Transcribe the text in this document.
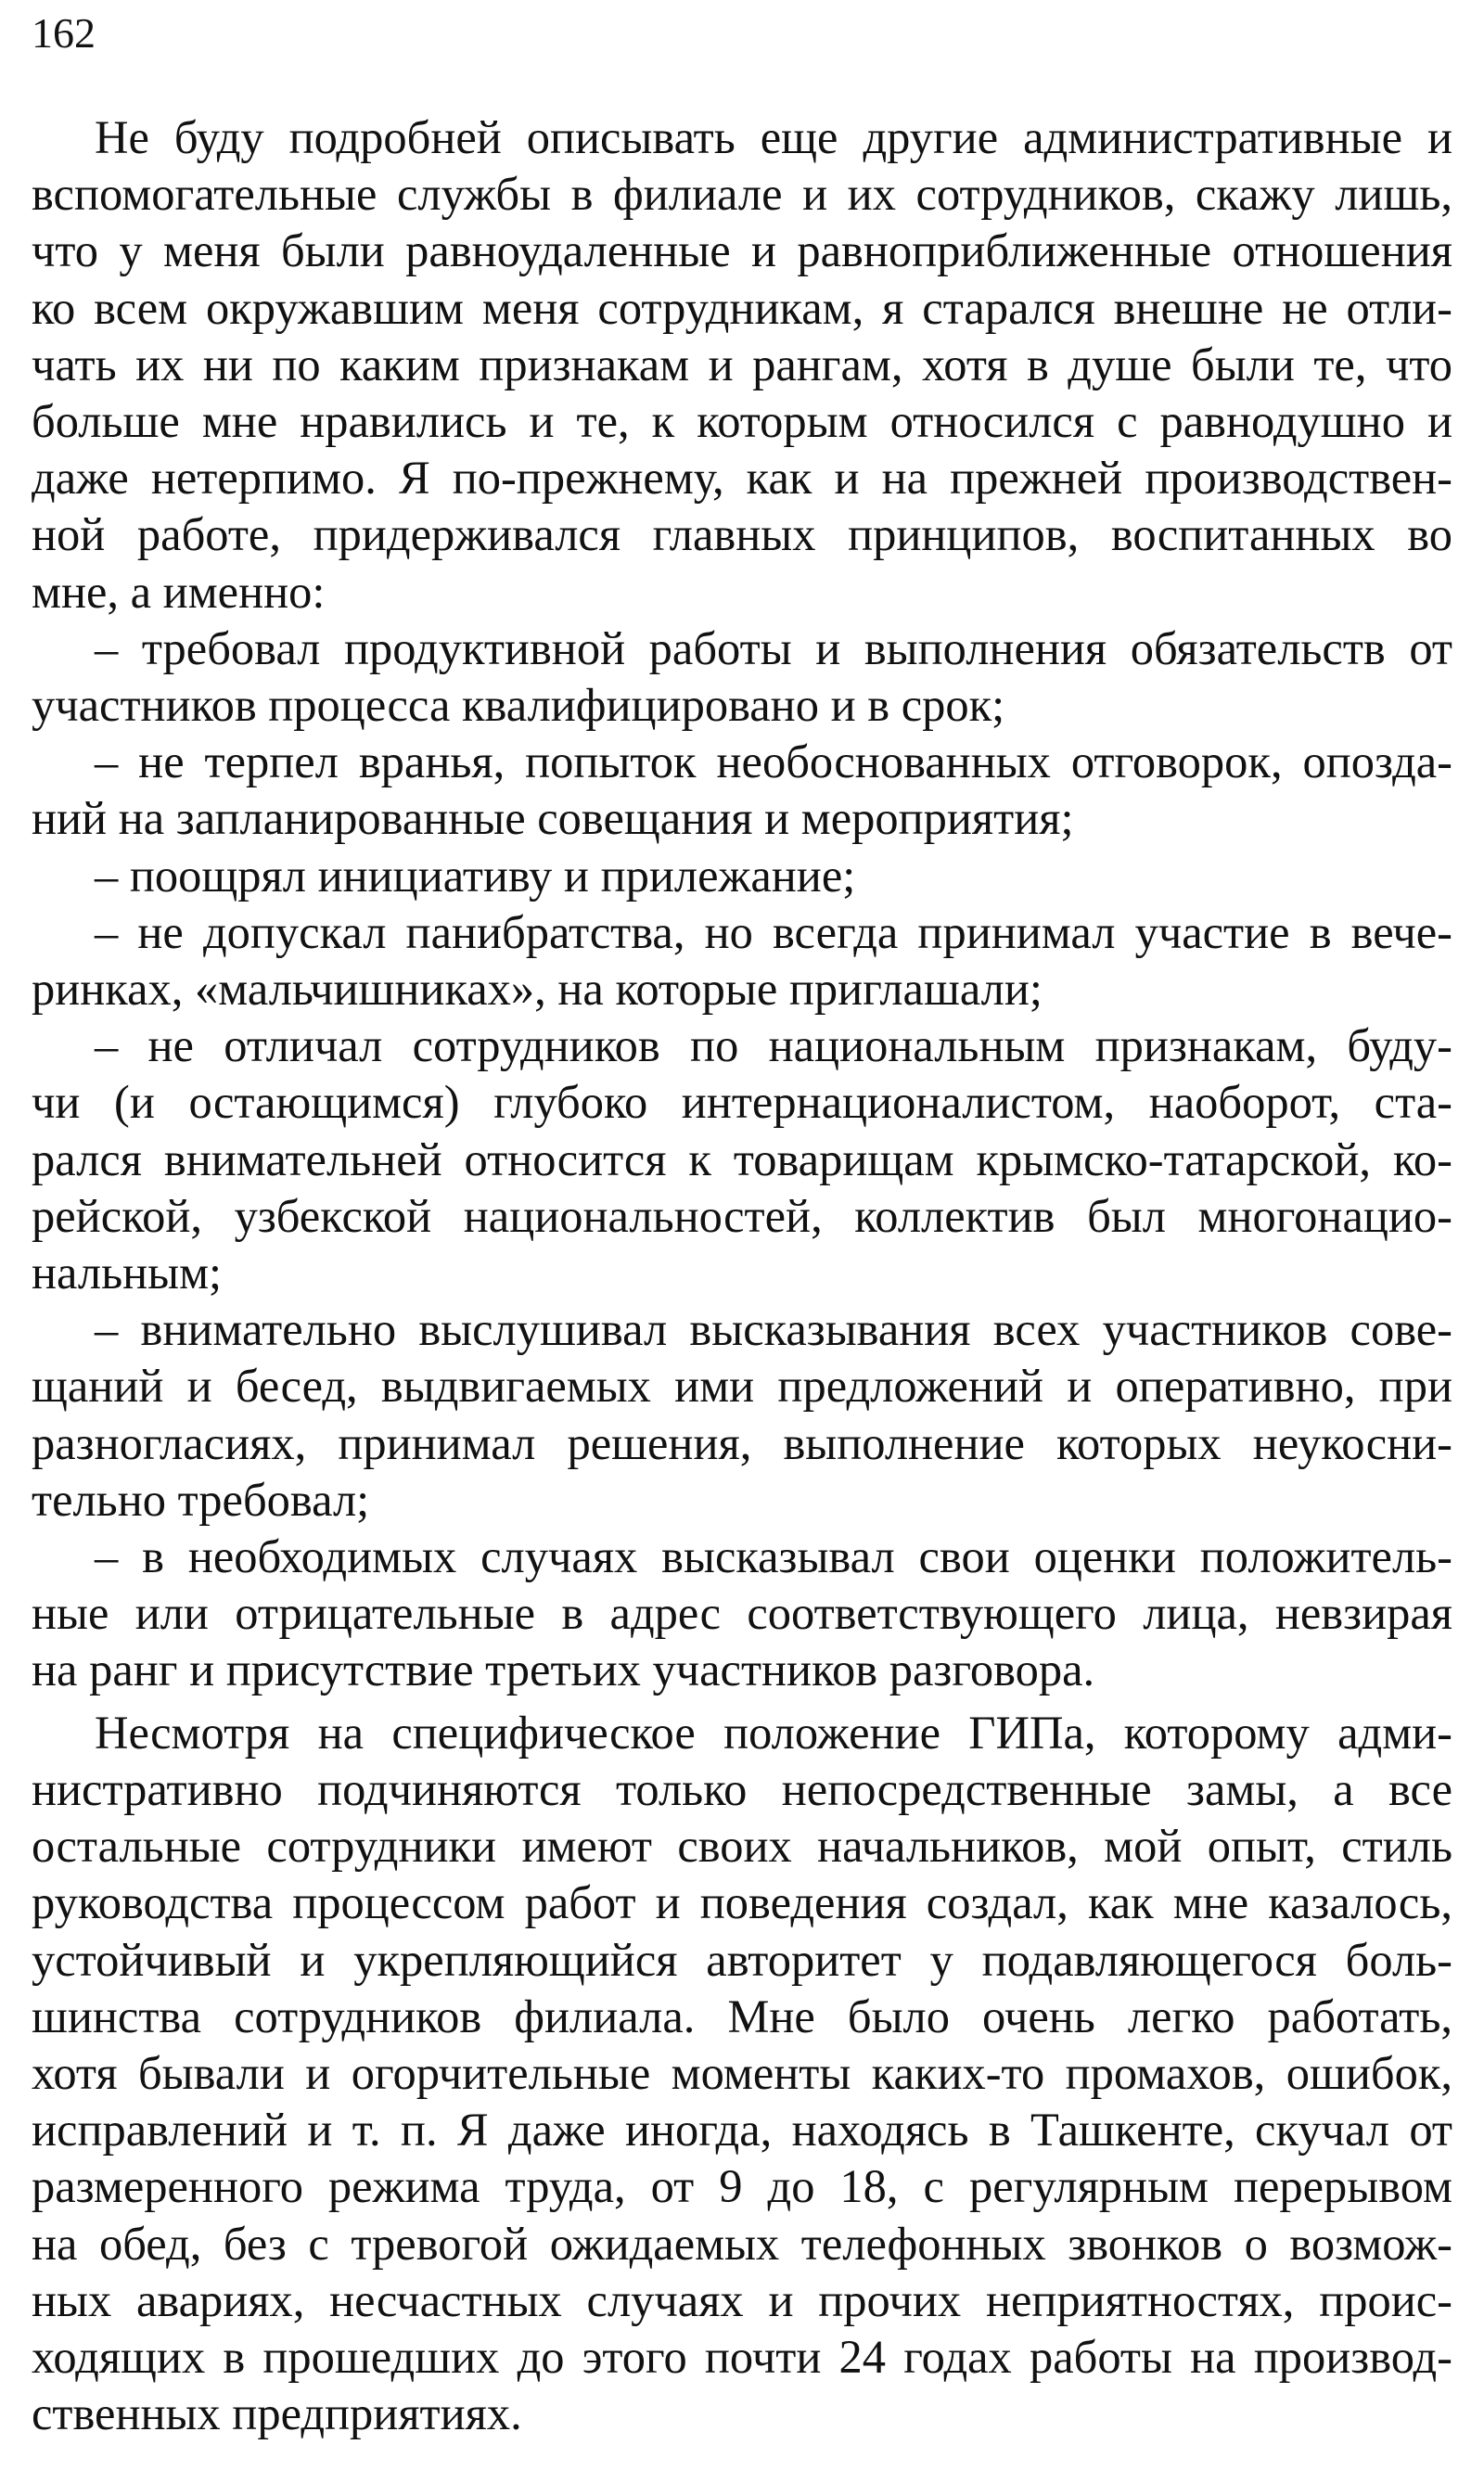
162
Не буду подробней описывать еще другие административные и
вспомогательные службы в филиале и их сотрудников, скажу лишь,
что у меня были равноудаленные и равноприближенные отношения
ко всем окружавшим меня сотрудникам, я старался внешне не отли-
чать их ни по каким признакам и рангам, хотя в душе были те, что
больше мне нравились и те, к которым относился с равнодушно и
даже нетерпимо. Я по-прежнему, как и на прежней производствен-
ной работе, придерживался главных принципов, воспитанных во
мне, а именно:
– требовал продуктивной работы и выполнения обязательств от
участников процесса квалифицировано и в срок;
– не терпел вранья, попыток необоснованных отговорок, опозда-
ний на запланированные совещания и мероприятия;
– поощрял инициативу и прилежание;
– не допускал панибратства, но всегда принимал участие в вече-
ринках, «мальчишниках», на которые приглашали;
– не отличал сотрудников по национальным признакам, буду-
чи (и остающимся) глубоко интернационалистом, наоборот, ста-
рался внимательней относится к товарищам крымско-татарской, ко-
рейской, узбекской национальностей, коллектив был многонацио-
нальным;
– внимательно выслушивал высказывания всех участников сове-
щаний и бесед, выдвигаемых ими предложений и оперативно, при
разногласиях, принимал решения, выполнение которых неукосни-
тельно требовал;
– в необходимых случаях высказывал свои оценки положитель-
ные или отрицательные в адрес соответствующего лица, невзирая
на ранг и присутствие третьих участников разговора.
Несмотря на специфическое положение ГИПа, которому адми-
нистративно подчиняются только непосредственные замы, а все
остальные сотрудники имеют своих начальников, мой опыт, стиль
руководства процессом работ и поведения создал, как мне казалось,
устойчивый и укрепляющийся авторитет у подавляющегося боль-
шинства сотрудников филиала. Мне было очень легко работать,
хотя бывали и огорчительные моменты каких-то промахов, ошибок,
исправлений и т. п. Я даже иногда, находясь в Ташкенте, скучал от
размеренного режима труда, от 9 до 18, с регулярным перерывом
на обед, без с тревогой ожидаемых телефонных звонков о возмож-
ных авариях, несчастных случаях и прочих неприятностях, проис-
ходящих в прошедших до этого почти 24 годах работы на производ-
ственных предприятиях.
